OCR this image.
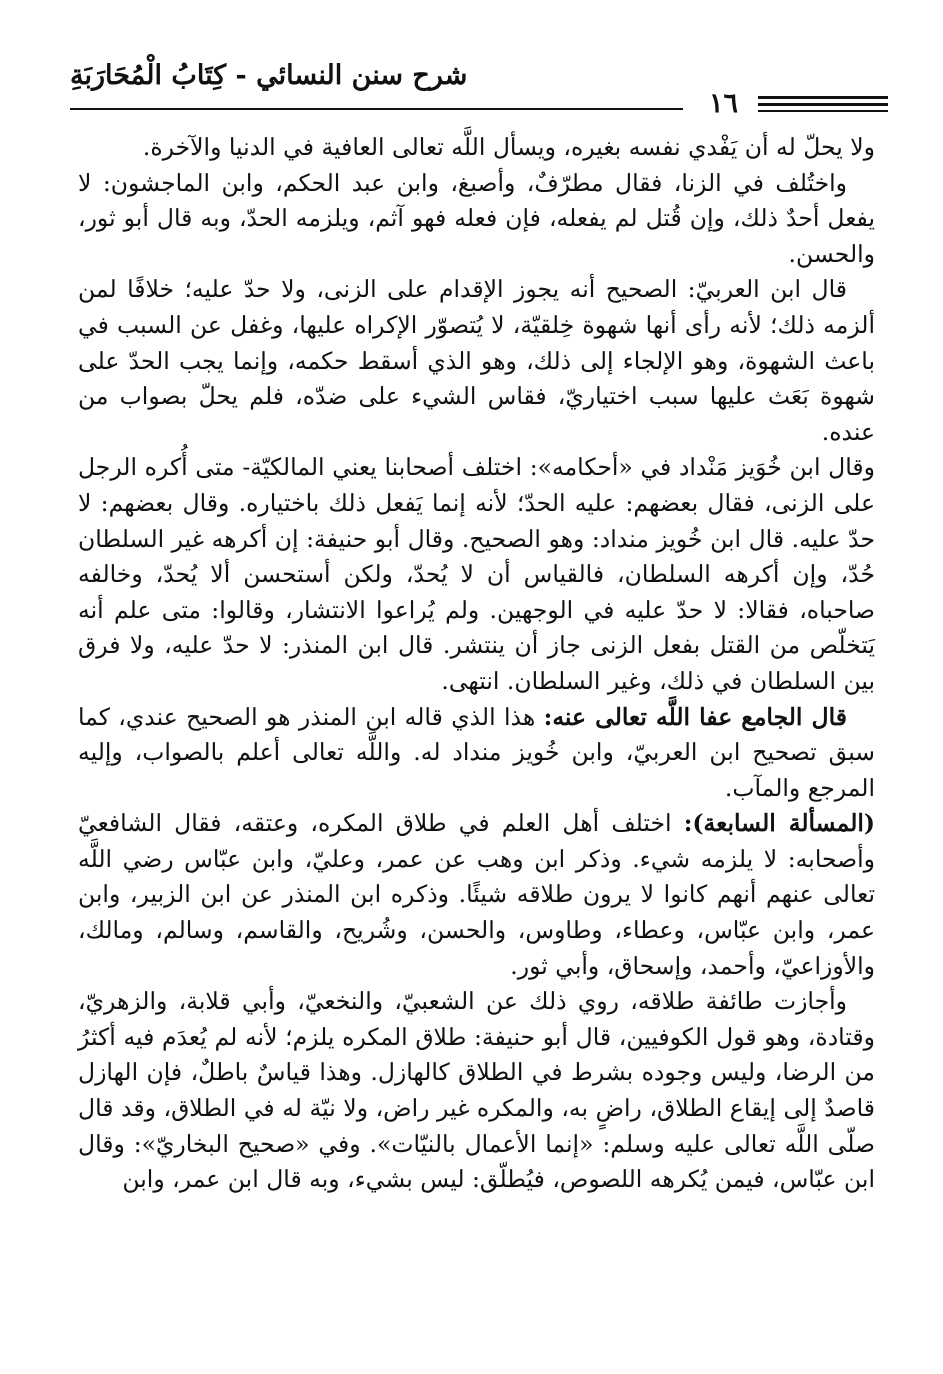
شرح سنن النسائي - كِتَابُ الْمُحَارَبَةِ
١٦

ولا يحلّ له أن يَفْدي نفسه بغيره، ويسأل اللَّه تعالى العافية في الدنيا والآخرة.

واختُلف في الزنا، فقال مطرّفٌ، وأصبغ، وابن عبد الحكم، وابن الماجشون: لا يفعل أحدٌ ذلك، وإن قُتل لم يفعله، فإن فعله فهو آثم، ويلزمه الحدّ، وبه قال أبو ثور، والحسن.

قال ابن العربيّ: الصحيح أنه يجوز الإقدام على الزنى، ولا حدّ عليه؛ خلافًا لمن ألزمه ذلك؛ لأنه رأى أنها شهوة خِلقيّة، لا يُتصوّر الإكراه عليها، وغفل عن السبب في باعث الشهوة، وهو الإلجاء إلى ذلك، وهو الذي أسقط حكمه، وإنما يجب الحدّ على شهوة بَعَث عليها سبب اختياريّ، فقاس الشيء على ضدّه، فلم يحلّ بصواب من عنده.

وقال ابن خُوَيز مَنْداد في «أحكامه»: اختلف أصحابنا يعني المالكيّة- متى أُكره الرجل على الزنى، فقال بعضهم: عليه الحدّ؛ لأنه إنما يَفعل ذلك باختياره. وقال بعضهم: لا حدّ عليه. قال ابن خُويز منداد: وهو الصحيح. وقال أبو حنيفة: إن أكرهه غير السلطان حُدّ، وإن أكرهه السلطان، فالقياس أن لا يُحدّ، ولكن أستحسن ألا يُحدّ، وخالفه صاحباه، فقالا: لا حدّ عليه في الوجهين. ولم يُراعوا الانتشار، وقالوا: متى علم أنه يَتخلّص من القتل بفعل الزنى جاز أن ينتشر. قال ابن المنذر: لا حدّ عليه، ولا فرق بين السلطان في ذلك، وغير السلطان. انتهى.

قال الجامع عفا اللَّه تعالى عنه: هذا الذي قاله ابن المنذر هو الصحيح عندي، كما سبق تصحيح ابن العربيّ، وابن خُويز منداد له. واللَّه تعالى أعلم بالصواب، وإليه المرجع والمآب.

(المسألة السابعة): اختلف أهل العلم في طلاق المكره، وعتقه، فقال الشافعيّ وأصحابه: لا يلزمه شيء. وذكر ابن وهب عن عمر، وعليّ، وابن عبّاس رضي اللَّه تعالى عنهم أنهم كانوا لا يرون طلاقه شيئًا. وذكره ابن المنذر عن ابن الزبير، وابن عمر، وابن عبّاس، وعطاء، وطاوس، والحسن، وشُريح، والقاسم، وسالم، ومالك، والأوزاعيّ، وأحمد، وإسحاق، وأبي ثور.

وأجازت طائفة طلاقه، روي ذلك عن الشعبيّ، والنخعيّ، وأبي قلابة، والزهريّ، وقتادة، وهو قول الكوفيين، قال أبو حنيفة: طلاق المكره يلزم؛ لأنه لم يُعدَم فيه أكثرُ من الرضا، وليس وجوده بشرط في الطلاق كالهازل. وهذا قياسٌ باطلٌ، فإن الهازل قاصدٌ إلى إيقاع الطلاق، راضٍ به، والمكره غير راض، ولا نيّة له في الطلاق، وقد قال صلّى اللَّه تعالى عليه وسلم: «إنما الأعمال بالنيّات». وفي «صحيح البخاريّ»: وقال ابن عبّاس، فيمن يُكرهه اللصوص، فيُطلّق: ليس بشيء، وبه قال ابن عمر، وابن
